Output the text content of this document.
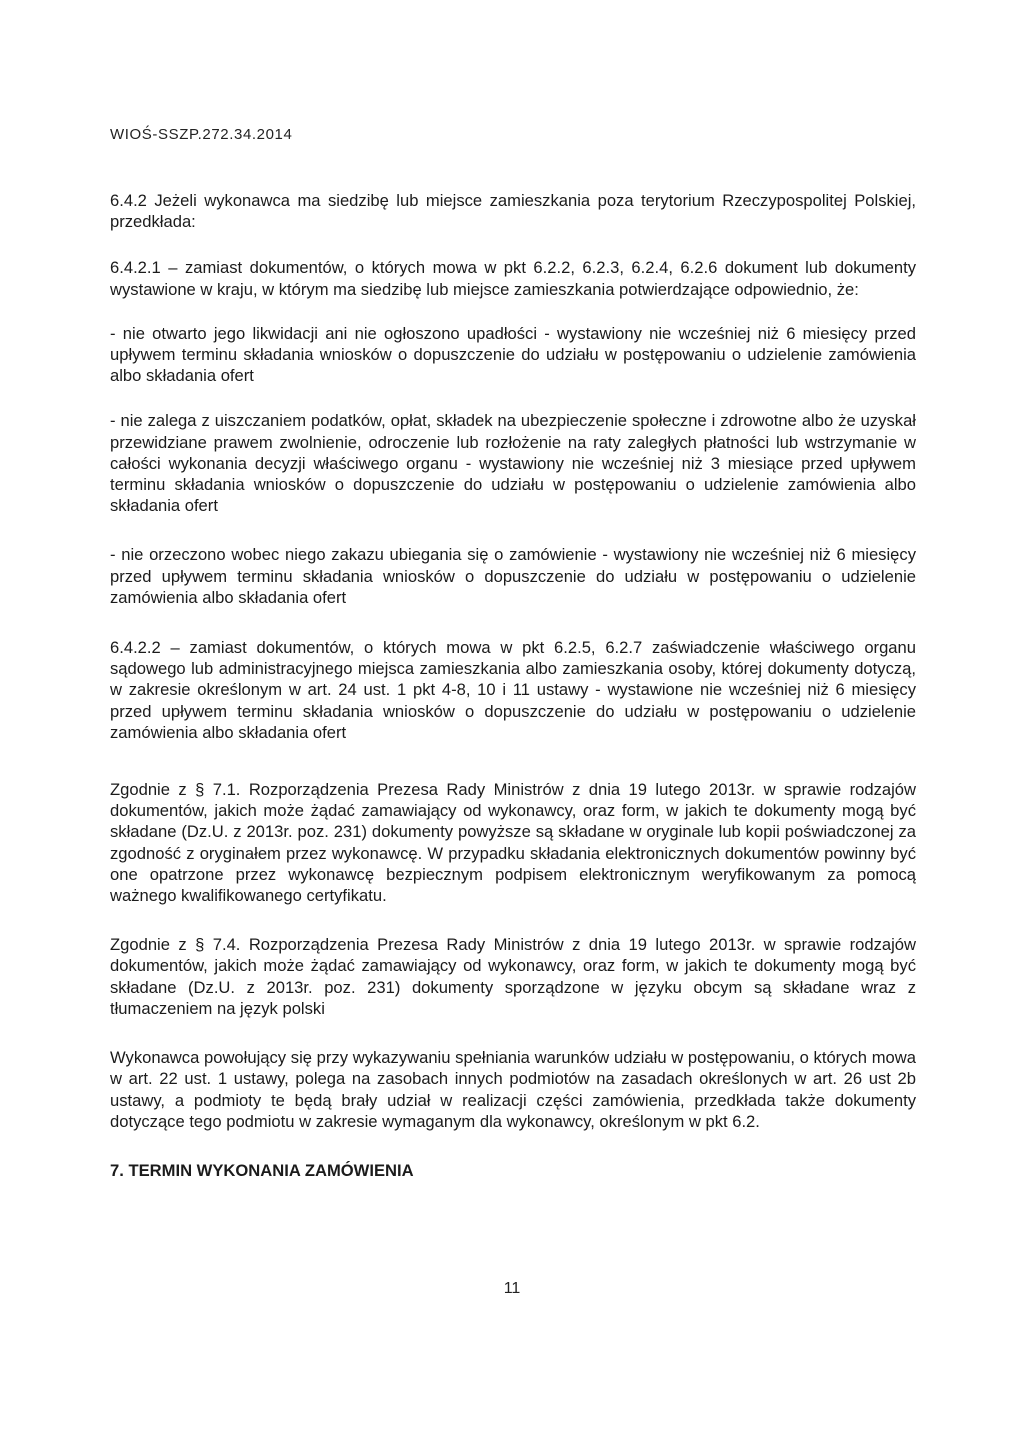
WIOŚ-SSZP.272.34.2014

6.4.2 Jeżeli wykonawca ma siedzibę lub miejsce zamieszkania poza terytorium Rzeczypospolitej Polskiej, przedkłada:

6.4.2.1 – zamiast dokumentów, o których mowa w pkt 6.2.2, 6.2.3, 6.2.4, 6.2.6 dokument lub dokumenty wystawione w kraju, w którym ma siedzibę lub miejsce zamieszkania potwierdzające odpowiednio, że:

- nie otwarto jego likwidacji ani nie ogłoszono upadłości - wystawiony nie wcześniej niż 6 miesięcy przed upływem terminu składania wniosków o dopuszczenie do udziału w postępowaniu o udzielenie zamówienia albo składania ofert

- nie zalega z uiszczaniem podatków, opłat, składek na ubezpieczenie społeczne i zdrowotne albo że uzyskał przewidziane prawem zwolnienie, odroczenie lub rozłożenie na raty zaległych płatności lub wstrzymanie w całości wykonania decyzji właściwego organu - wystawiony nie wcześniej niż 3 miesiące przed upływem terminu składania wniosków o dopuszczenie do udziału w postępowaniu o udzielenie zamówienia albo składania ofert

- nie orzeczono wobec niego zakazu ubiegania się o zamówienie - wystawiony nie wcześniej niż 6 miesięcy przed upływem terminu składania wniosków o dopuszczenie do udziału w postępowaniu o udzielenie zamówienia albo składania ofert

6.4.2.2 – zamiast dokumentów, o których mowa w pkt 6.2.5, 6.2.7 zaświadczenie właściwego organu sądowego lub administracyjnego miejsca zamieszkania albo zamieszkania osoby, której dokumenty dotyczą, w zakresie określonym w art. 24 ust. 1 pkt 4-8, 10 i 11 ustawy - wystawione nie wcześniej niż 6 miesięcy przed upływem terminu składania wniosków o dopuszczenie do udziału w postępowaniu o udzielenie zamówienia albo składania ofert

Zgodnie z § 7.1. Rozporządzenia Prezesa Rady Ministrów z dnia 19 lutego 2013r. w sprawie rodzajów dokumentów, jakich może żądać zamawiający od wykonawcy, oraz form, w jakich te dokumenty mogą być składane (Dz.U. z 2013r. poz. 231) dokumenty powyższe są składane w oryginale lub kopii poświadczonej za zgodność z oryginałem przez wykonawcę. W przypadku składania elektronicznych dokumentów powinny być one opatrzone przez wykonawcę bezpiecznym podpisem elektronicznym weryfikowanym za pomocą ważnego kwalifikowanego certyfikatu.

Zgodnie z § 7.4. Rozporządzenia Prezesa Rady Ministrów z dnia 19 lutego 2013r. w sprawie rodzajów dokumentów, jakich może żądać zamawiający od wykonawcy, oraz form, w jakich te dokumenty mogą być składane (Dz.U. z 2013r. poz. 231) dokumenty sporządzone w języku obcym są składane wraz z tłumaczeniem na język polski

Wykonawca powołujący się przy wykazywaniu spełniania warunków udziału w postępowaniu, o których mowa w art. 22 ust. 1 ustawy, polega na zasobach innych podmiotów na zasadach określonych w art. 26 ust 2b ustawy, a podmioty te będą brały udział w realizacji części zamówienia, przedkłada także dokumenty dotyczące tego podmiotu w zakresie wymaganym dla wykonawcy, określonym w pkt 6.2.

7. TERMIN WYKONANIA ZAMÓWIENIA

11
